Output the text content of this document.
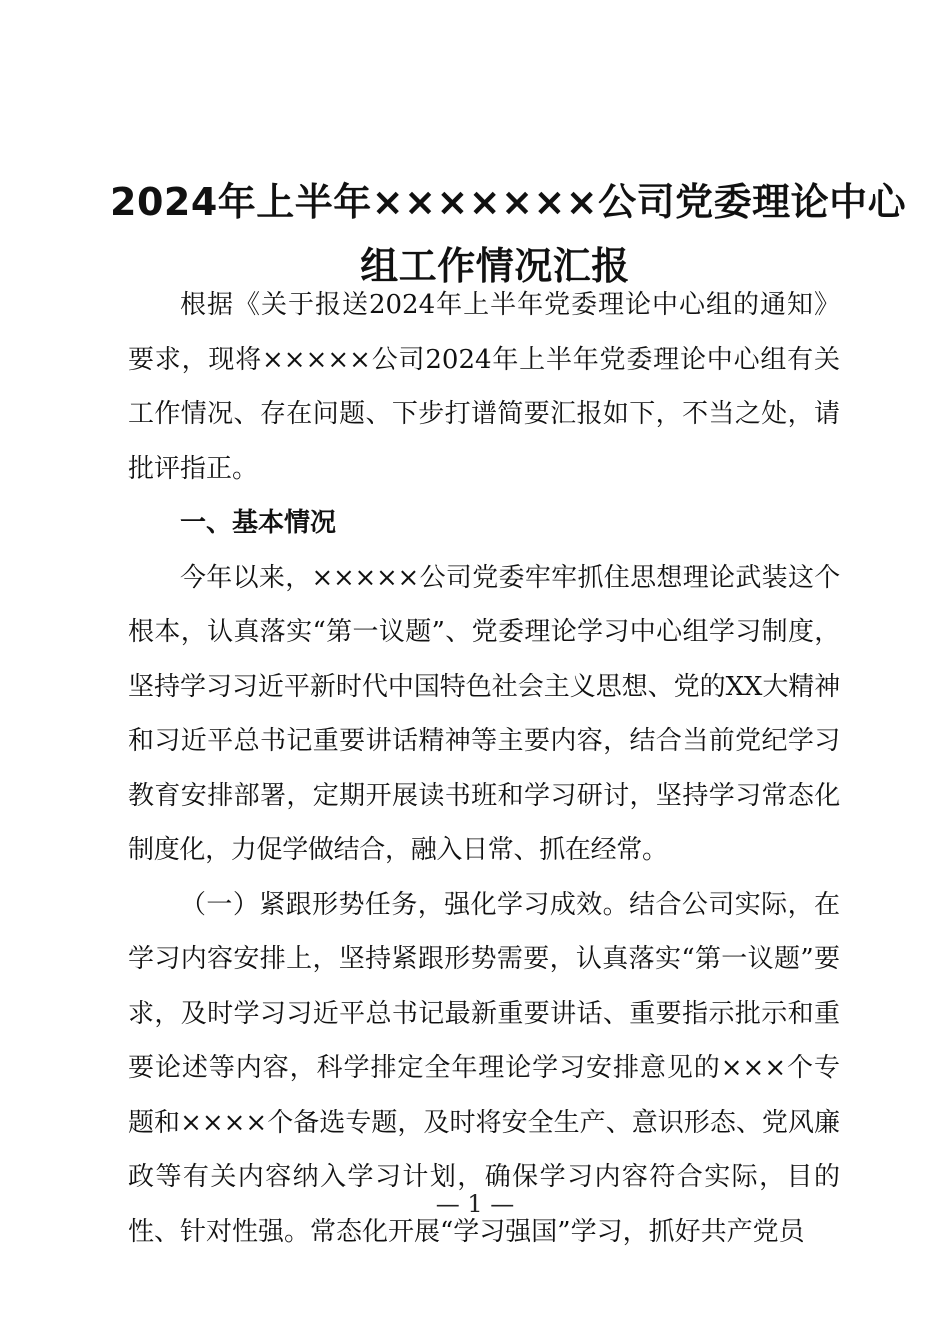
2024年上半年×××××××公司党委理论中心
组工作情况汇报

根据《关于报送2024年上半年党委理论中心组的通知》要求，现将×××××公司2024年上半年党委理论中心组有关工作情况、存在问题、下步打谱简要汇报如下，不当之处，请批评指正。

一、基本情况

今年以来，×××××公司党委牢牢抓住思想理论武装这个根本，认真落实“第一议题”、党委理论学习中心组学习制度，坚持学习习近平新时代中国特色社会主义思想、党的XX大精神和习近平总书记重要讲话精神等主要内容，结合当前党纪学习教育安排部署，定期开展读书班和学习研讨，坚持学习常态化制度化，力促学做结合，融入日常、抓在经常。

（一）紧跟形势任务，强化学习成效。结合公司实际，在学习内容安排上，坚持紧跟形势需要，认真落实“第一议题”要求，及时学习习近平总书记最新重要讲话、重要指示批示和重要论述等内容，科学排定全年理论学习安排意见的×××个专题和××××个备选专题，及时将安全生产、意识形态、党风廉政等有关内容纳入学习计划，确保学习内容符合实际，目的性、针对性强。常态化开展“学习强国”学习，抓好共产党员

— 1 —
